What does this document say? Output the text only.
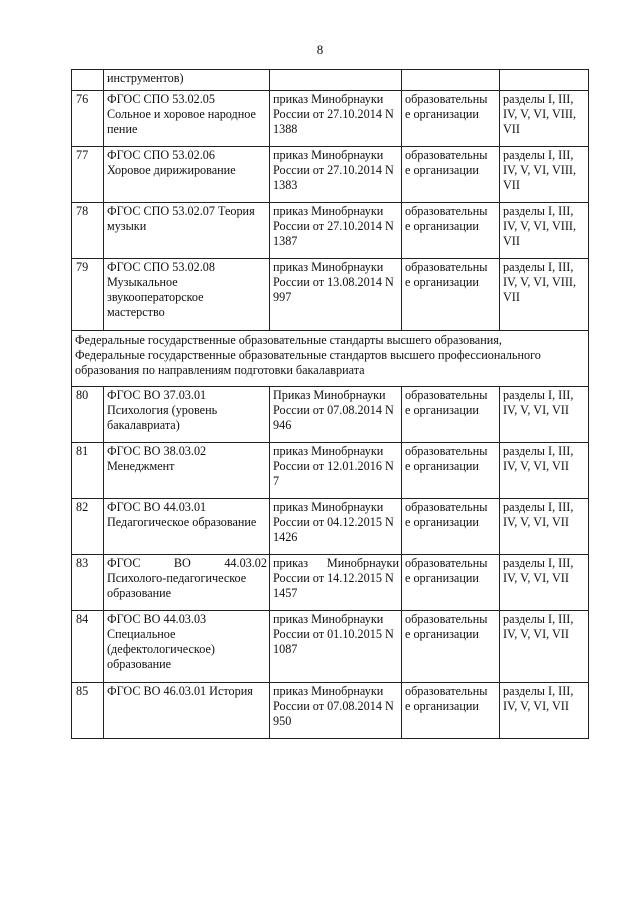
8
	инструментов)			

76	ФГОС СПО 53.02.05
Сольное и хоровое народное
пение	приказ Минобрнауки
России от 27.10.2014 N
1388	образовательны
е организации	разделы I, III,
IV, V, VI, VIII,
VII

77	ФГОС СПО 53.02.06
Хоровое дирижирование	приказ Минобрнауки
России от 27.10.2014 N
1383	образовательны
е организации	разделы I, III,
IV, V, VI, VIII,
VII

78	ФГОС СПО 53.02.07 Теория
музыки	приказ Минобрнауки
России от 27.10.2014 N
1387	образовательны
е организации	разделы I, III,
IV, V, VI, VIII,
VII

79	ФГОС СПО 53.02.08
Музыкальное
звукооператорское
мастерство	приказ Минобрнауки
России от 13.08.2014 N
997	образовательны
е организации	разделы I, III,
IV, V, VI, VIII,
VII

Федеральные государственные образовательные стандарты высшего образования,
Федеральные государственные образовательные стандартов высшего профессионального
образования по направлениям подготовки бакалавриата				

80	ФГОС ВО 37.03.01
Психология (уровень
бакалавриата)	Приказ Минобрнауки
России от 07.08.2014 N
946	образовательны
е организации	разделы I, III,
IV, V, VI, VII

81	ФГОС ВО 38.03.02
Менеджмент	приказ Минобрнауки
России от 12.01.2016 N
7	образовательны
е организации	разделы I, III,
IV, V, VI, VII

82	ФГОС ВО 44.03.01
Педагогическое образование	приказ Минобрнауки
России от 04.12.2015 N
1426	образовательны
е организации	разделы I, III,
IV, V, VI, VII

83	ФГОС ВО 44.03.02
Психолого-педагогическое
образование	приказ Минобрнауки
России от 14.12.2015 N
1457	образовательны
е организации	разделы I, III,
IV, V, VI, VII

84	ФГОС ВО 44.03.03
Специальное
(дефектологическое)
образование	приказ Минобрнауки
России от 01.10.2015 N
1087	образовательны
е организации	разделы I, III,
IV, V, VI, VII

85	ФГОС ВО 46.03.01 История	приказ Минобрнауки
России от 07.08.2014 N
950	образовательны
е организации	разделы I, III,
IV, V, VI, VII
